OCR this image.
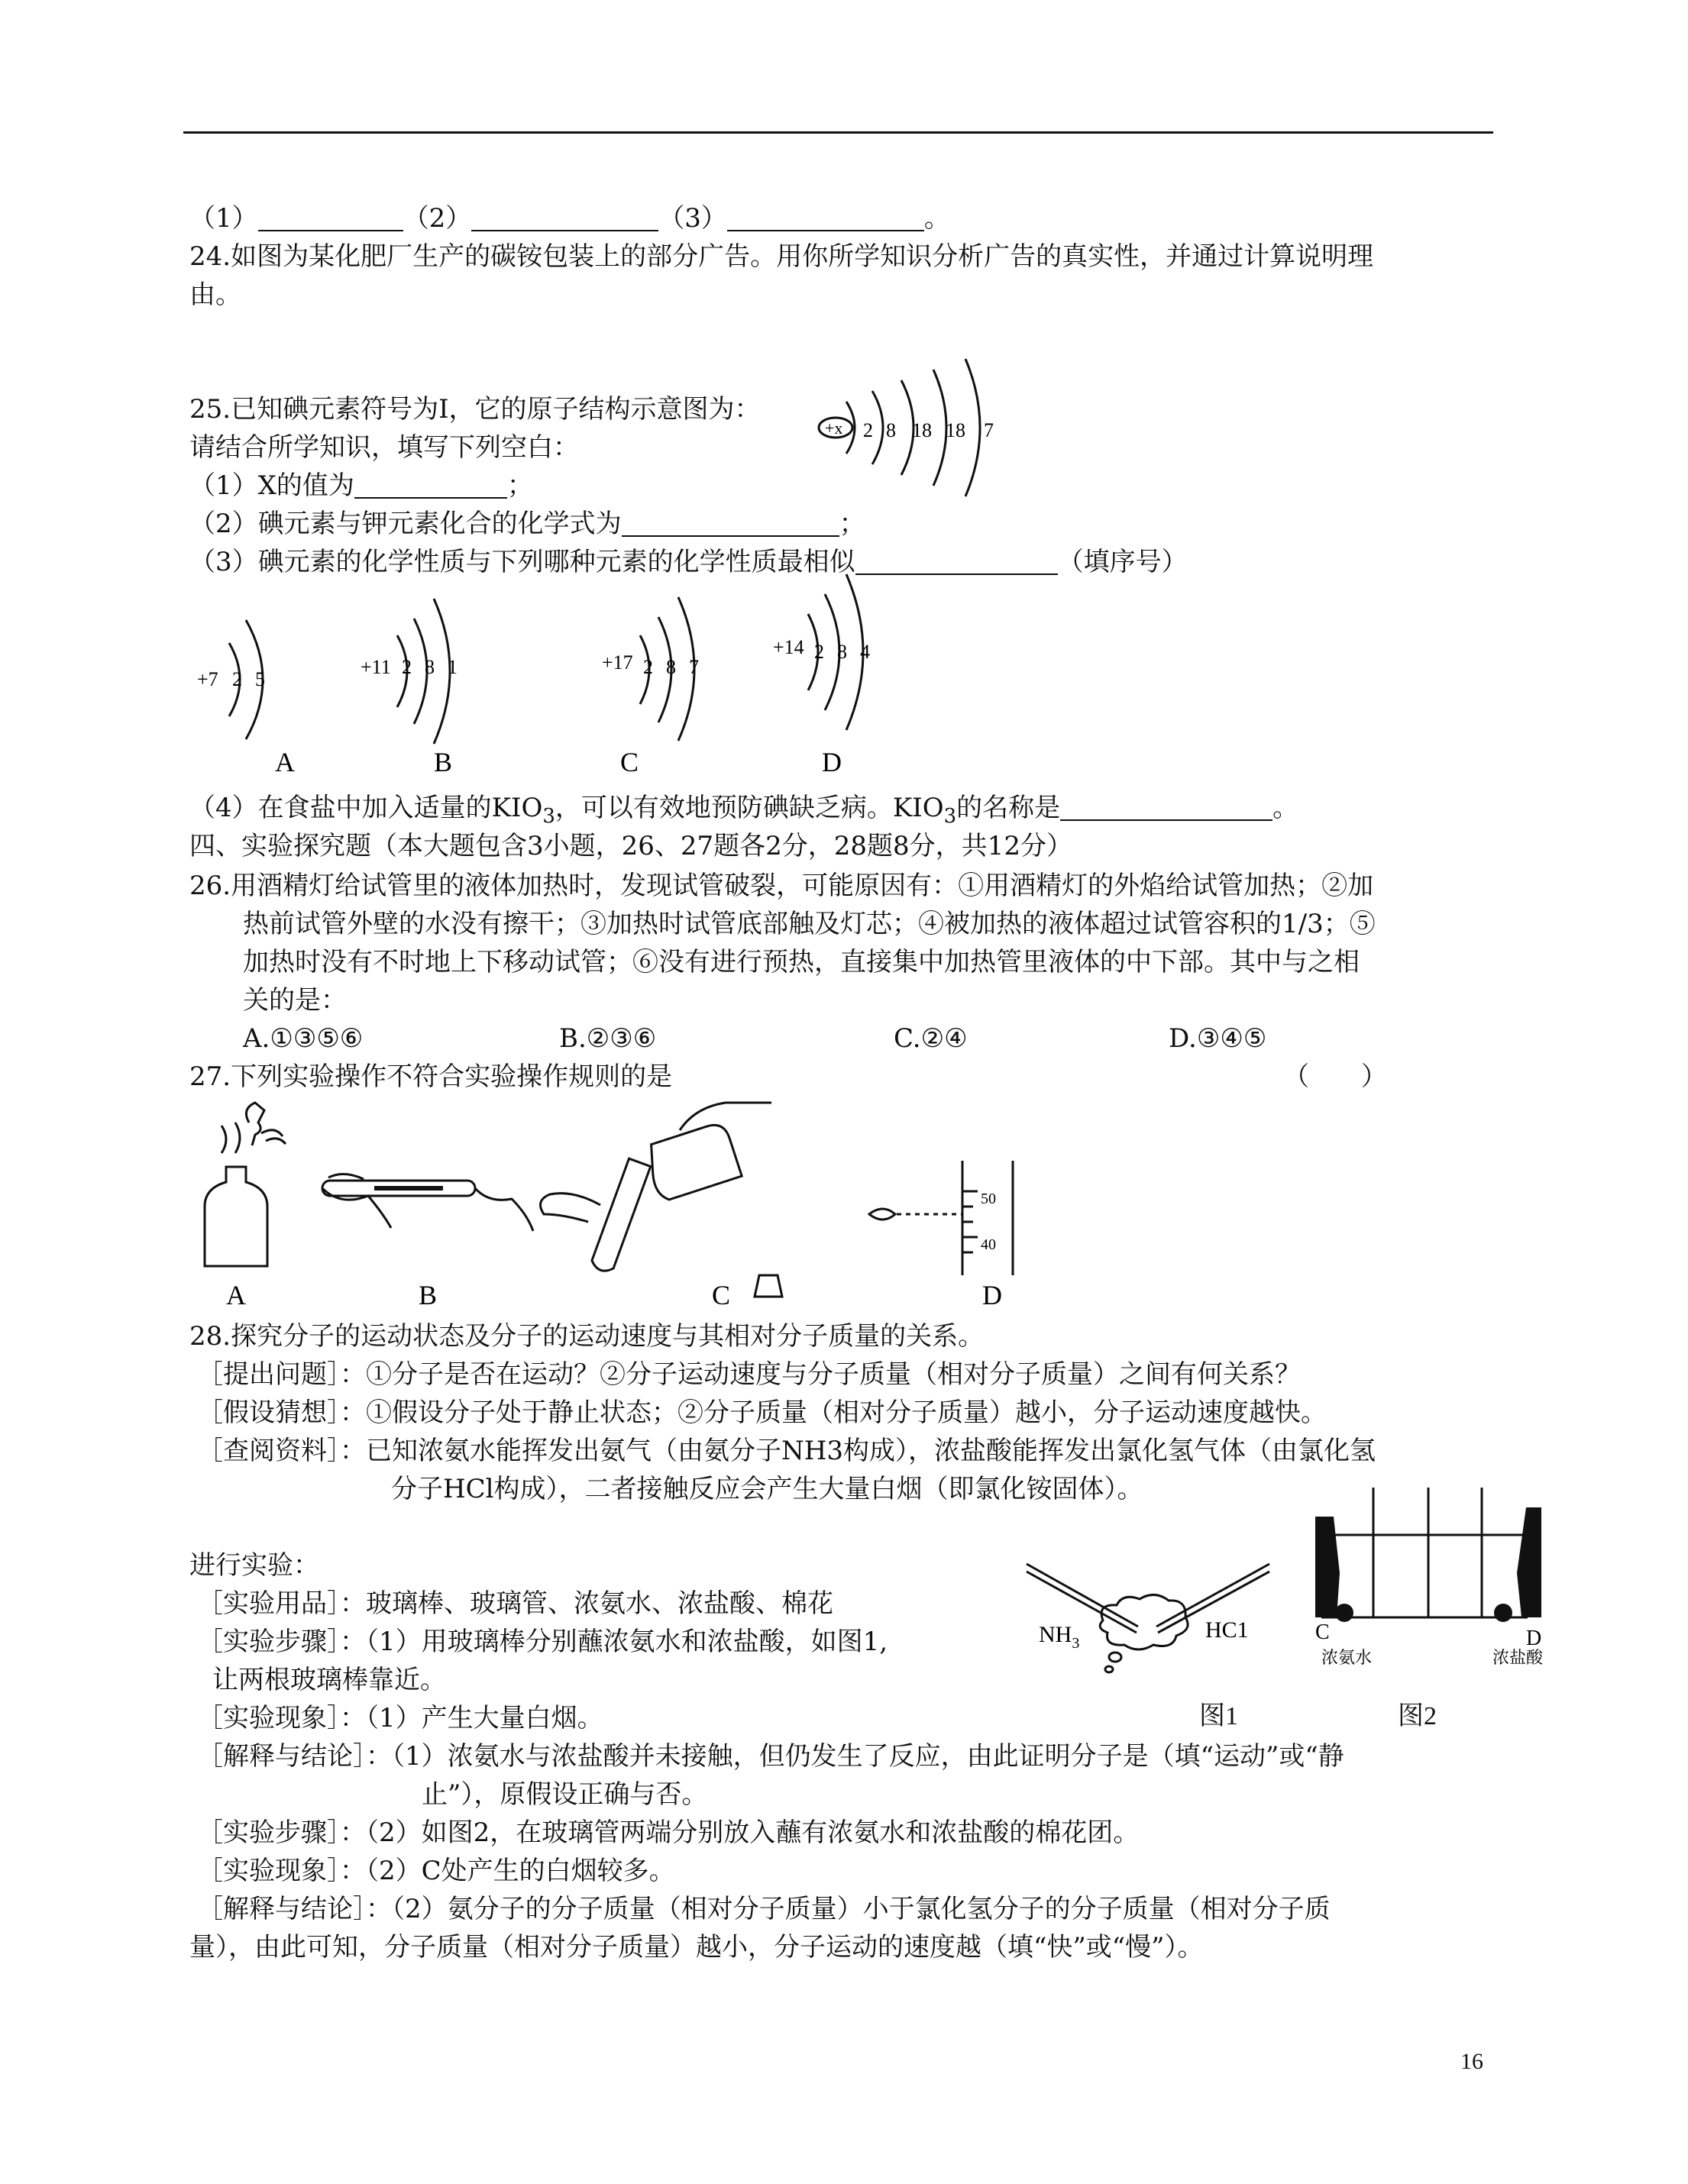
（1）	（2）	（3）	。
24.如图为某化肥厂生产的碳铵包装上的部分广告。用你所学知识分析广告的真实性，并通过计算说明理
由。
25.已知碘元素符号为I，它的原子结构示意图为：
请结合所学知识，填写下列空白：
+x 2 8 18 18 7
（1）X的值为	；
（2）碘元素与钾元素化合的化学式为	；
（3）碘元素的化学性质与下列哪种元素的化学性质最相似	（填序号）
+7 2 5
A
+11 2 8 1
B
+17 2 8 7
C
+14 2 8 4
D
（4）在食盐中加入适量的$KIO_3$，可以有效地预防碘缺乏病。$KIO_3$的名称是	。
四、实验探究题（本大题包含3小题，26、27题各2分，28题8分，共12分）
26.用酒精灯给试管里的液体加热时，发现试管破裂，可能原因有：①用酒精灯的外焰给试管加热；②加
热前试管外壁的水没有擦干；③加热时试管底部触及灯芯；④被加热的液体超过试管容积的1/3；⑤
加热时没有不时地上下移动试管；⑥没有进行预热，直接集中加热管里液体的中下部。其中与之相
关的是：
A.①③⑤⑥	B.②③⑥	C.②④	D.③④⑤
27.下列实验操作不符合实验操作规则的是	（　　）
A	B	C
50
40
D
28.探究分子的运动状态及分子的运动速度与其相对分子质量的关系。
［提出问题］：①分子是否在运动？②分子运动速度与分子质量（相对分子质量）之间有何关系？
［假设猜想］：①假设分子处于静止状态；②分子质量（相对分子质量）越小，分子运动速度越快。
［查阅资料］：已知浓氨水能挥发出氨气（由氨分子NH3构成），浓盐酸能挥发出氯化氢气体（由氯化氢
分子HCl构成），二者接触反应会产生大量白烟（即氯化铵固体）。
进行实验：
［实验用品］：玻璃棒、玻璃管、浓氨水、浓盐酸、棉花
［实验步骤］：（1）用玻璃棒分别蘸浓氨水和浓盐酸，如图1,
让两根玻璃棒靠近。
［实验现象］：（1）产生大量白烟。
［解释与结论］：（1）浓氨水与浓盐酸并未接触，但仍发生了反应，由此证明分子是（填“运动”或“静
止”），原假设正确与否。
［实验步骤］：（2）如图2，在玻璃管两端分别放入蘸有浓氨水和浓盐酸的棉花团。
［实验现象］：（2）C处产生的白烟较多。
［解释与结论］：（2）氨分子的分子质量（相对分子质量）小于氯化氢分子的分子质量（相对分子质
量），由此可知，分子质量（相对分子质量）越小，分子运动的速度越（填“快”或“慢”）。
$NH_3$
HC1
图1
C	D
浓氨水	浓盐酸
图2
16
